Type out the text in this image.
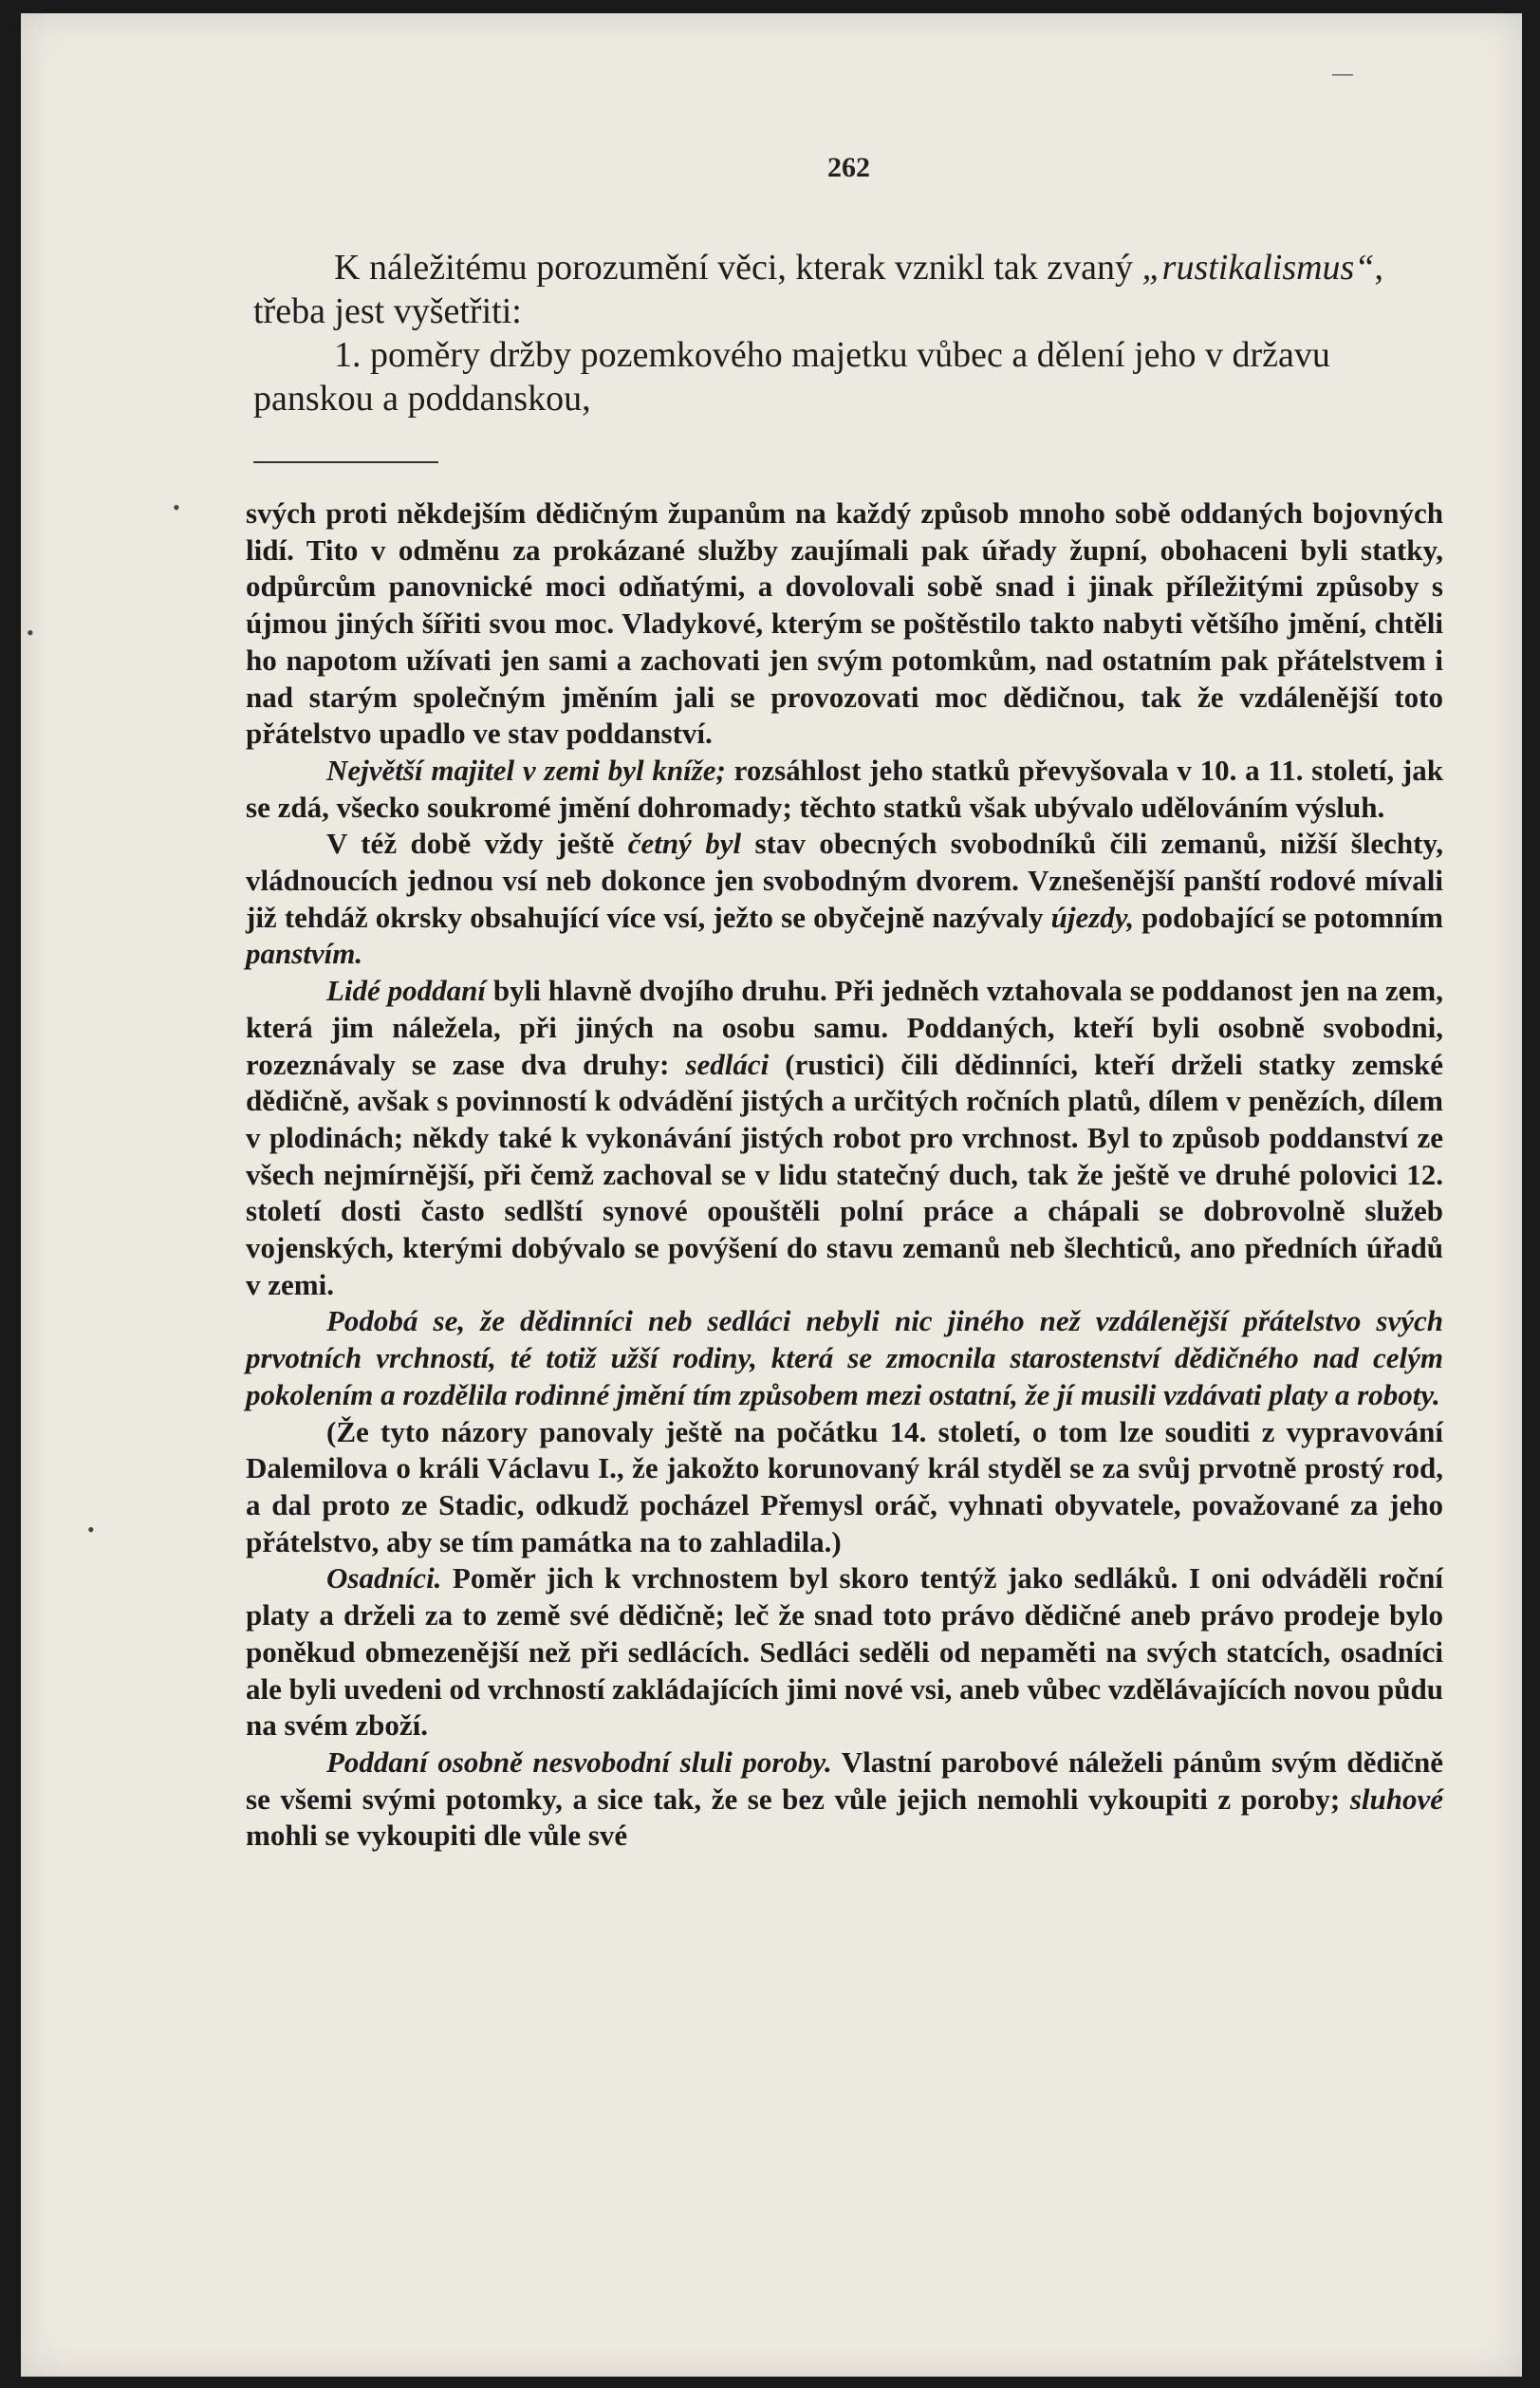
262

K náležitému porozumění věci, kterak vznikl tak zvaný „rustikalismus“, třeba jest vyšetřiti:

1. poměry držby pozemkového majetku vůbec a dělení jeho v državu panskou a poddanskou,

svých proti někdejším dědičným županům na každý způsob mnoho sobě oddaných bojovných lidí. Tito v odměnu za prokázané služby zaujímali pak úřady župní, obohaceni byli statky, odpůrcům panovnické moci odňatými, a dovolovali sobě snad i jinak příležitými způsoby s újmou jiných šířiti svou moc. Vladykové, kterým se poštěstilo takto nabyti většího jmění, chtěli ho napotom užívati jen sami a zachovati jen svým potomkům, nad ostatním pak přátelstvem i nad starým společným jměním jali se provozovati moc dědičnou, tak že vzdálenější toto přátelstvo upadlo ve stav poddanství.

Největší majitel v zemi byl kníže; rozsáhlost jeho statků převyšovala v 10. a 11. století, jak se zdá, všecko soukromé jmění dohromady; těchto statků však ubývalo udělováním výsluh.

V též době vždy ještě četný byl stav obecných svobodníků čili zemanů, nižší šlechty, vládnoucích jednou vsí neb dokonce jen svobodným dvorem. Vznešenější panští rodové mívali již tehdáž okrsky obsahující více vsí, ježto se obyčejně nazývaly újezdy, podobající se potomním panstvím.

Lidé poddaní byli hlavně dvojího druhu. Při jedněch vztahovala se poddanost jen na zem, která jim náležela, při jiných na osobu samu. Poddaných, kteří byli osobně svobodni, rozeznávaly se zase dva druhy: sedláci (rustici) čili dědinníci, kteří drželi statky zemské dědičně, avšak s povinností k odvádění jistých a určitých ročních platů, dílem v penězích, dílem v plodinách; někdy také k vykonávání jistých robot pro vrchnost. Byl to způsob poddanství ze všech nejmírnější, při čemž zachoval se v lidu statečný duch, tak že ještě ve druhé polovici 12. století dosti často sedlští synové opouštěli polní práce a chápali se dobrovolně služeb vojenských, kterými dobývalo se povýšení do stavu zemanů neb šlechticů, ano předních úřadů v zemi.

Podobá se, že dědinníci neb sedláci nebyli nic jiného než vzdálenější přátelstvo svých prvotních vrchností, té totiž užší rodiny, která se zmocnila starostenství dědičného nad celým pokolením a rozdělila rodinné jmění tím způsobem mezi ostatní, že jí musili vzdávati platy a roboty.

(Že tyto názory panovaly ještě na počátku 14. století, o tom lze souditi z vypravování Dalemilova o králi Václavu I., že jakožto korunovaný král styděl se za svůj prvotně prostý rod, a dal proto ze Stadic, odkudž pocházel Přemysl oráč, vyhnati obyvatele, považované za jeho přátelstvo, aby se tím památka na to zahladila.)

Osadníci. Poměr jich k vrchnostem byl skoro tentýž jako sedláků. I oni odváděli roční platy a drželi za to země své dědičně; leč že snad toto právo dědičné aneb právo prodeje bylo poněkud obmezenější než při sedlácích. Sedláci seděli od nepaměti na svých statcích, osadníci ale byli uvedeni od vrchností zakládajících jimi nové vsi, aneb vůbec vzdělávajících novou půdu na svém zboží.

Poddaní osobně nesvobodní sluli poroby. Vlastní parobové náleželi pánům svým dědičně se všemi svými potomky, a sice tak, že se bez vůle jejich nemohli vykoupiti z poroby; sluhové mohli se vykoupiti dle vůle své

•
•
•
—
